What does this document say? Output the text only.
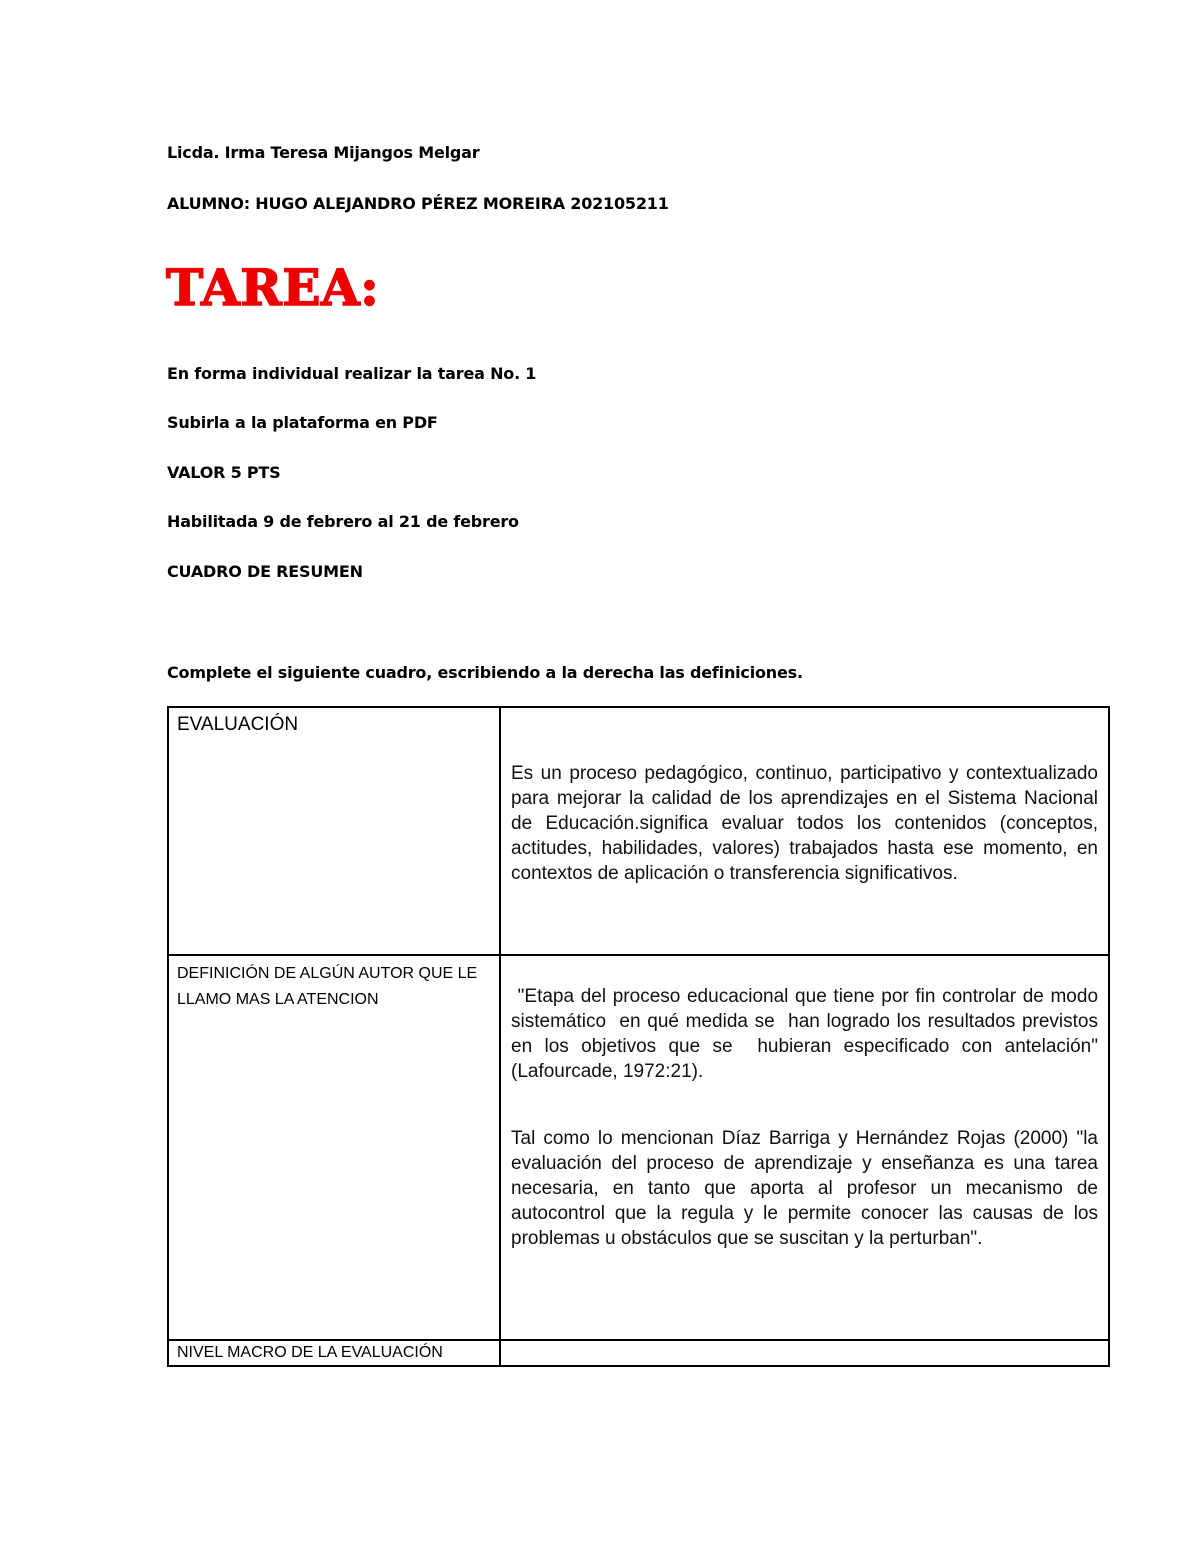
Licda. Irma Teresa Mijangos Melgar
ALUMNO: HUGO ALEJANDRO PÉREZ MOREIRA 202105211
TAREA:
En forma individual realizar la tarea No. 1
Subirla a la plataforma en PDF
VALOR 5 PTS
Habilitada 9 de febrero al 21 de febrero
CUADRO DE RESUMEN
Complete el siguiente cuadro, escribiendo a la derecha las definiciones.
EVALUACIÓN	Es un proceso pedagógico, continuo, participativo y contextualizado para mejorar la calidad de los aprendizajes en el Sistema Nacional de Educación.significa evaluar todos los contenidos (conceptos, actitudes, habilidades, valores) trabajados hasta ese momento, en contextos de aplicación o transferencia significativos.

DEFINICIÓN DE ALGÚN AUTOR QUE LE LLAMO MAS LA ATENCION	"Etapa del proceso educacional que tiene por fin controlar de modo sistemático  en qué medida se  han logrado los resultados previstos en los objetivos que se  hubieran especificado con antelación" (Lafourcade, 1972:21).

Tal como lo mencionan Díaz Barriga y Hernández Rojas (2000) "la evaluación del proceso de aprendizaje y enseñanza es una tarea necesaria, en tanto que aporta al profesor un mecanismo de autocontrol que la regula y le permite conocer las causas de los problemas u obstáculos que se suscitan y la perturban".

NIVEL MACRO DE LA EVALUACIÓN	
